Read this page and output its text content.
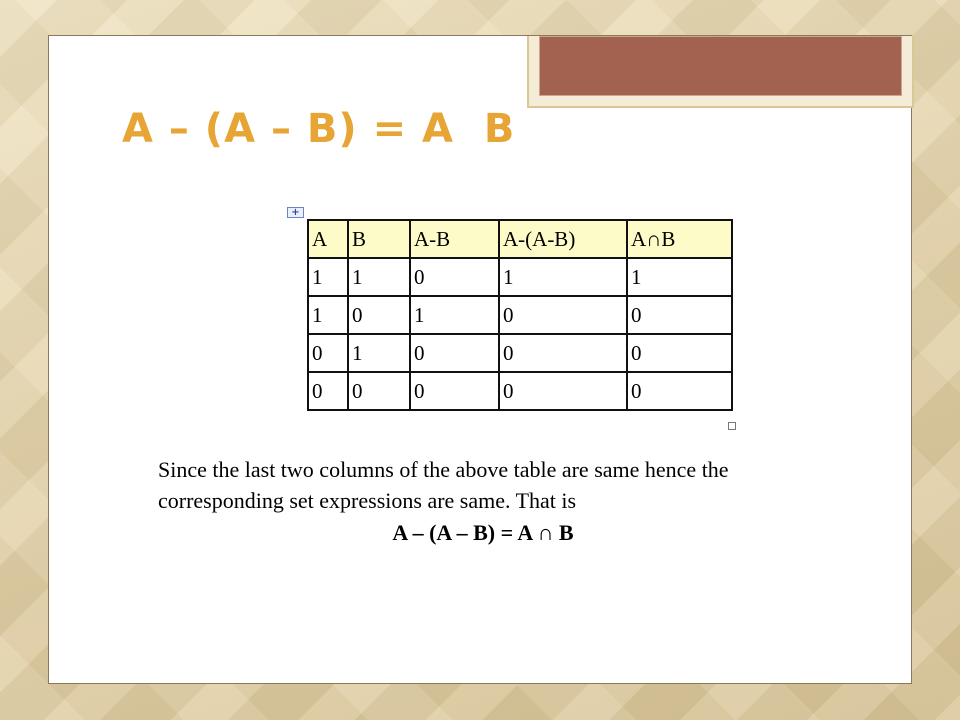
A – (A – B) = A  B
+
A	B	A-B	A-(A-B)	A∩B
1	1	0	1	1
1	0	1	0	0
0	1	0	0	0
0	0	0	0	0
Since the last two columns of the above table are same hence the
corresponding set expressions are same. That is
A – (A – B) = A ∩ B
